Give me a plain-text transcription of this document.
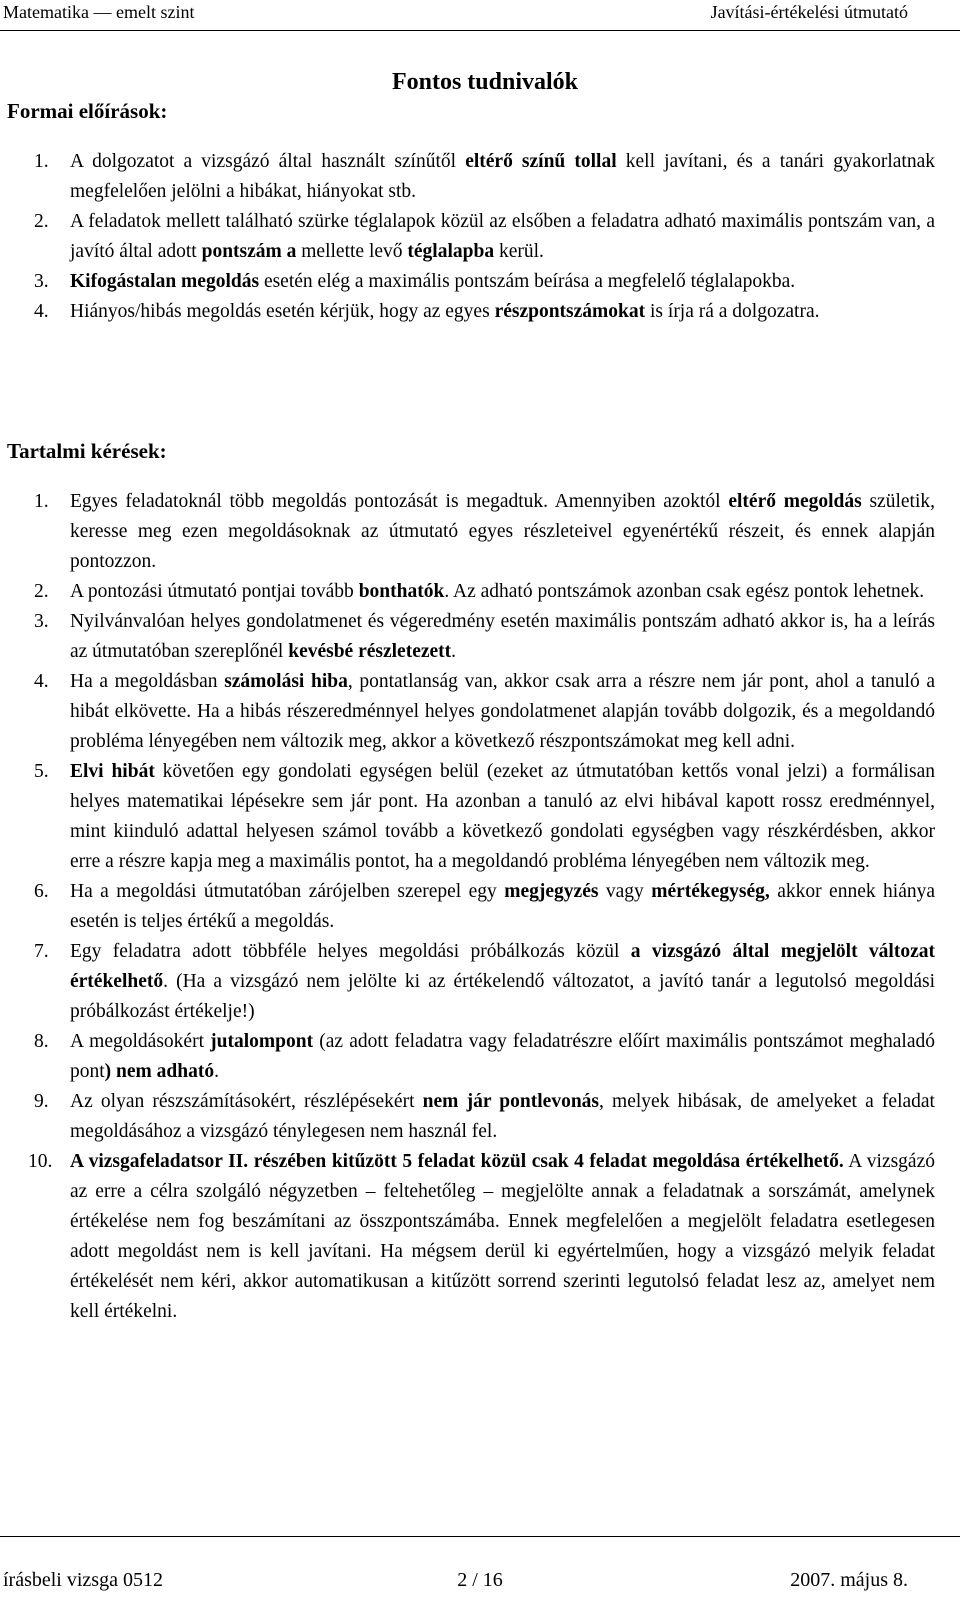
Matematika — emelt szint	Javítási-értékelési útmutató
Fontos tudnivalók
Formai előírások:
1. A dolgozatot a vizsgázó által használt színűtől eltérő színű tollal kell javítani, és a tanári gyakorlatnak megfelelően jelölni a hibákat, hiányokat stb.
2. A feladatok mellett található szürke téglalapok közül az elsőben a feladatra adható maximális pontszám van, a javító által adott pontszám a mellette levő téglalapba kerül.
3. Kifogástalan megoldás esetén elég a maximális pontszám beírása a megfelelő téglalapokba.
4. Hiányos/hibás megoldás esetén kérjük, hogy az egyes részpontszámokat is írja rá a dolgozatra.
Tartalmi kérések:
1. Egyes feladatoknál több megoldás pontozását is megadtuk. Amennyiben azoktól eltérő megoldás születik, keresse meg ezen megoldásoknak az útmutató egyes részleteivel egyenértékű részeit, és ennek alapján pontozzon.
2. A pontozási útmutató pontjai tovább bonthatók. Az adható pontszámok azonban csak egész pontok lehetnek.
3. Nyilvánvalóan helyes gondolatmenet és végeredmény esetén maximális pontszám adható akkor is, ha a leírás az útmutatóban szereplőnél kevésbé részletezett.
4. Ha a megoldásban számolási hiba, pontatlanság van, akkor csak arra a részre nem jár pont, ahol a tanuló a hibát elkövette. Ha a hibás részeredménnyel helyes gondolatmenet alapján tovább dolgozik, és a megoldandó probléma lényegében nem változik meg, akkor a következő részpontszámokat meg kell adni.
5. Elvi hibát követően egy gondolati egységen belül (ezeket az útmutatóban kettős vonal jelzi) a formálisan helyes matematikai lépésekre sem jár pont. Ha azonban a tanuló az elvi hibával kapott rossz eredménnyel, mint kiinduló adattal helyesen számol tovább a következő gondolati egységben vagy részkérdésben, akkor erre a részre kapja meg a maximális pontot, ha a megoldandó probléma lényegében nem változik meg.
6. Ha a megoldási útmutatóban zárójelben szerepel egy megjegyzés vagy mértékegység, akkor ennek hiánya esetén is teljes értékű a megoldás.
7. Egy feladatra adott többféle helyes megoldási próbálkozás közül a vizsgázó által megjelölt változat értékelhető. (Ha a vizsgázó nem jelölte ki az értékelendő változatot, a javító tanár a legutolsó megoldási próbálkozást értékelje!)
8. A megoldásokért jutalompont (az adott feladatra vagy feladatrészre előírt maximális pontszámot meghaladó pont) nem adható.
9. Az olyan részszámításokért, részlépésekért nem jár pontlevonás, melyek hibásak, de amelyeket a feladat megoldásához a vizsgázó ténylegesen nem használ fel.
10. A vizsgafeladatsor II. részében kitűzött 5 feladat közül csak 4 feladat megoldása értékelhető. A vizsgázó az erre a célra szolgáló négyzetben – feltehetőleg – megjelölte annak a feladatnak a sorszámát, amelynek értékelése nem fog beszámítani az összpontszámába. Ennek megfelelően a megjelölt feladatra esetlegesen adott megoldást nem is kell javítani. Ha mégsem derül ki egyértelműen, hogy a vizsgázó melyik feladat értékelését nem kéri, akkor automatikusan a kitűzött sorrend szerinti legutolsó feladat lesz az, amelyet nem kell értékelni.
írásbeli vizsga 0512	2 / 16	2007. május 8.
